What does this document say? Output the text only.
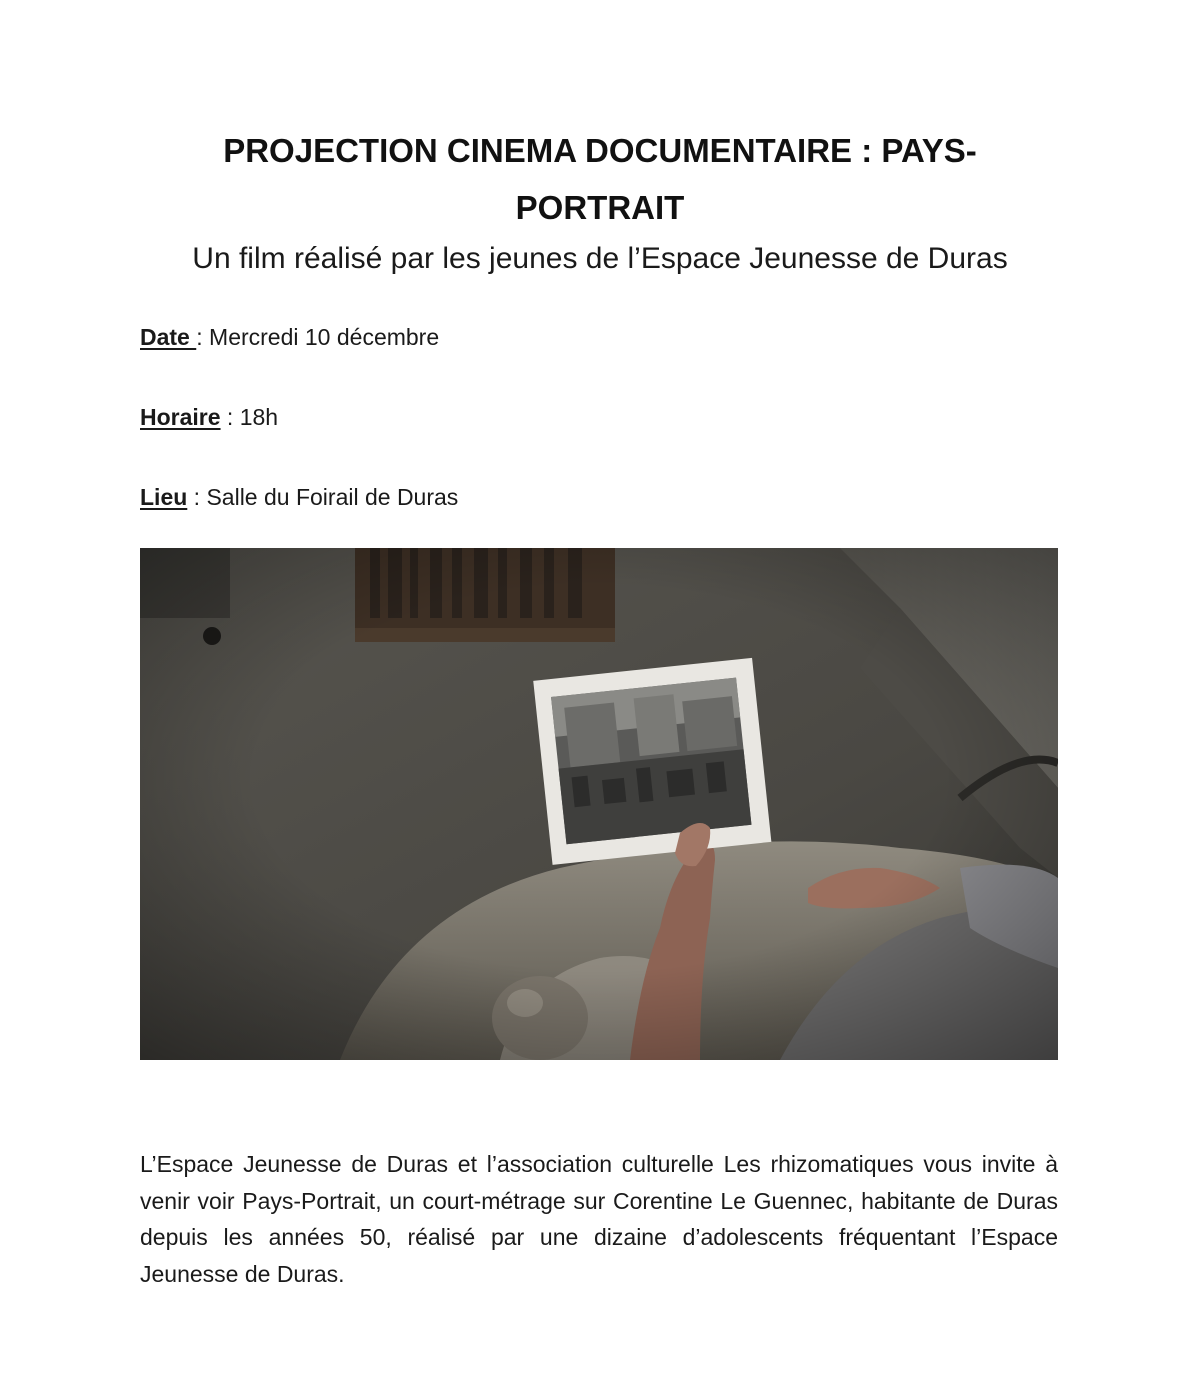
PROJECTION CINEMA DOCUMENTAIRE : PAYS-PORTRAIT
Un film réalisé par les jeunes de l’Espace Jeunesse de Duras
Date : Mercredi 10 décembre
Horaire : 18h
Lieu : Salle du Foirail de Duras
L’Espace Jeunesse de Duras et l’association culturelle Les rhizomatiques vous invite à venir voir Pays-Portrait, un court-métrage sur Corentine Le Guennec, habitante de Duras depuis les années 50, réalisé par une dizaine d’adolescents fréquentant l’Espace Jeunesse de Duras.
